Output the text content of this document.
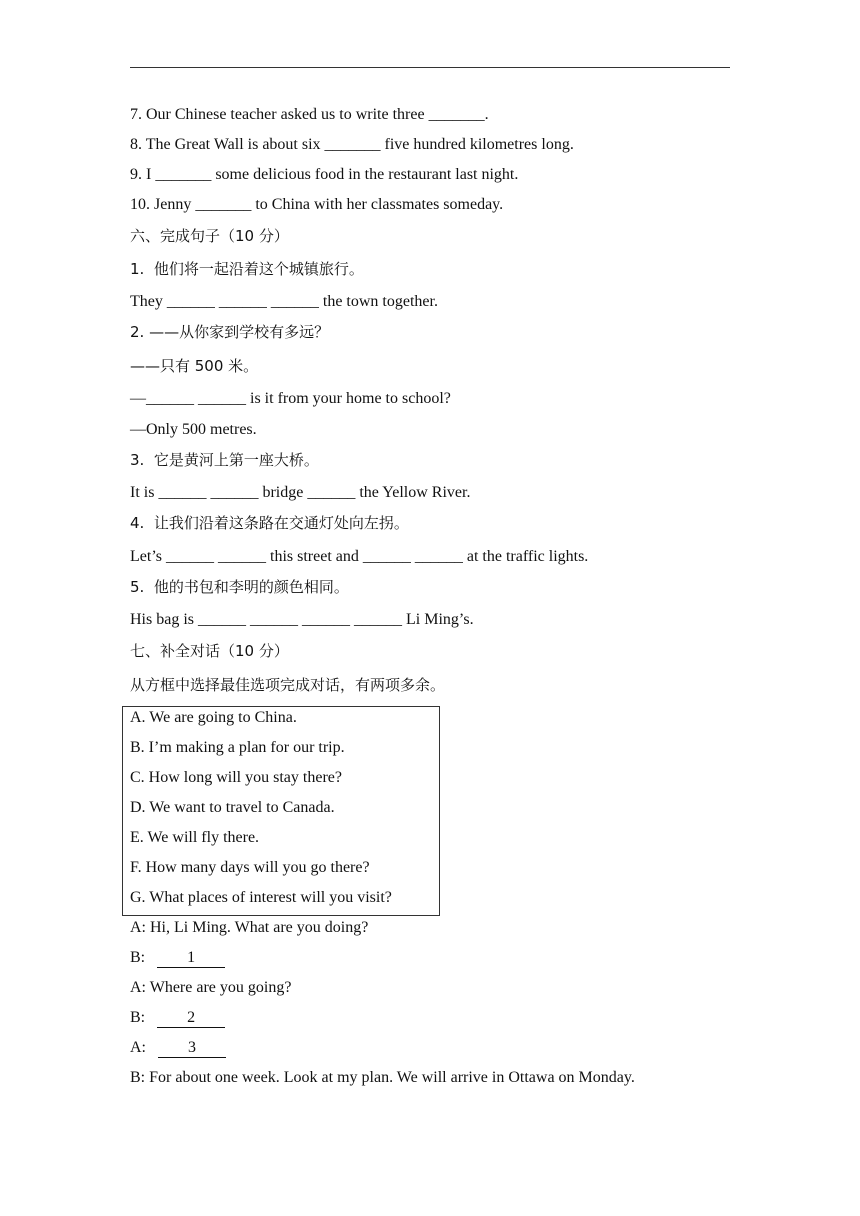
7. Our Chinese teacher asked us to write three _______.
8. The Great Wall is about six _______ five hundred kilometres long.
9. I _______ some delicious food in the restaurant last night.
10. Jenny _______ to China with her classmates someday.
六、完成句子（10 分）
1.  他们将一起沿着这个城镇旅行。
They ______ ______ ______ the town together.
2. ——从你家到学校有多远？
——只有 500 米。
—______ ______ is it from your home to school?
—Only 500 metres.
3.  它是黄河上第一座大桥。
It is ______ ______ bridge ______ the Yellow River.
4.  让我们沿着这条路在交通灯处向左拐。
Let’s ______ ______ this street and ______ ______ at the traffic lights.
5.  他的书包和李明的颜色相同。
His bag is ______ ______ ______ ______ Li Ming’s.
七、补全对话（10 分）
从方框中选择最佳选项完成对话，有两项多余。
A. We are going to China.
B. I’m making a plan for our trip.
C. How long will you stay there?
D. We want to travel to Canada.
E. We will fly there.
F. How many days will you go there?
G. What places of interest will you visit?
A: Hi, Li Ming. What are you doing?
B: 1
A: Where are you going?
B: 2
A: 3
B: For about one week. Look at my plan. We will arrive in Ottawa on Monday.
